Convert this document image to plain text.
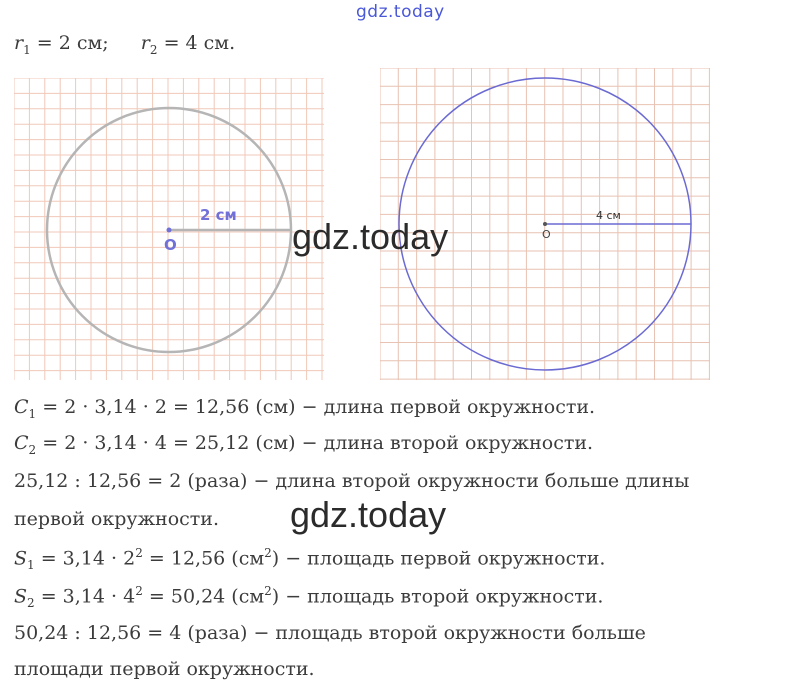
gdz.today
$r_1 = 2$ см; $r_2 = 4$ см.
O
2 см
O
4 см
gdz.today
$C_1 = 2 \cdot 3,14 \cdot 2 = 12,56$ (см) − длина первой окружности.
$C_2 = 2 \cdot 3,14 \cdot 4 = 25,12$ (см) − длина второй окружности.
25,12 : 12,56 = 2 (раза) − длина второй окружности больше длины
первой окружности. gdz.today
$S_1 = 3,14 \cdot 2^2 = 12,56$ $(см^2)$ − площадь первой окружности.
$S_2 = 3,14 \cdot 4^2 = 50,24$ $(см^2)$ − площадь второй окружности.
50,24 : 12,56 = 4 (раза) − площадь второй окружности больше
площади первой окружности.
